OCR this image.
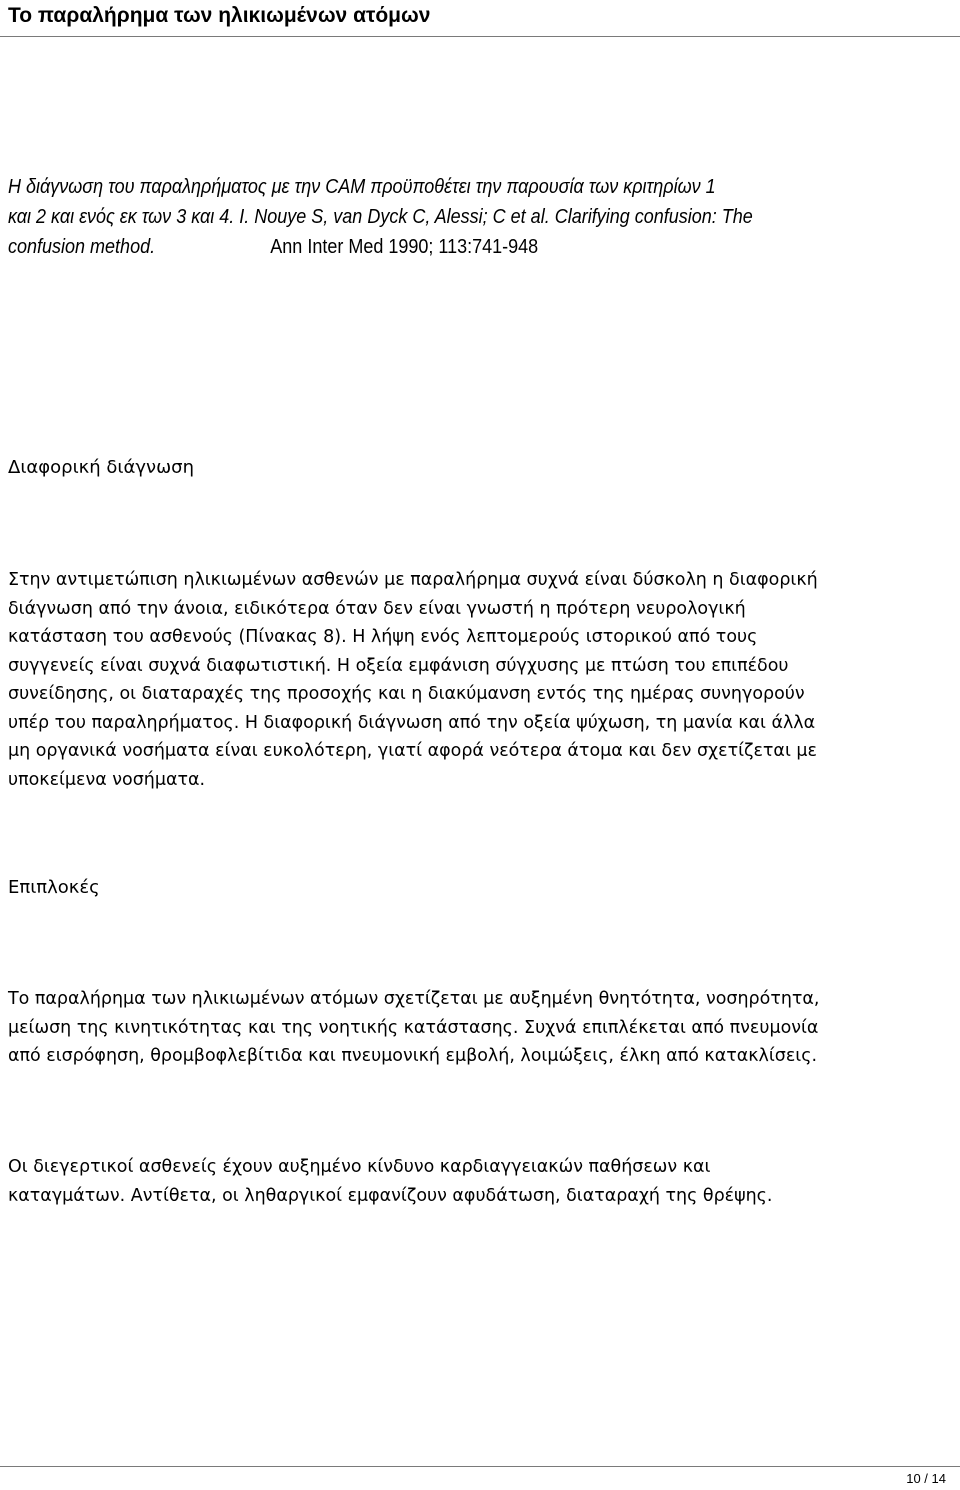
Το παραλήρημα των ηλικιωμένων ατόμων

Η διάγνωση του παραληρήματος με την CAM προϋποθέτει την παρουσία των κριτηρίων 1
και 2 και ενός εκ των 3 και 4. I. Nouye S, van Dyck C, Alessi; C et al. Clarifying confusion: The
confusion method.	Ann Inter Med 1990; 113:741-948

Διαφορική διάγνωση

Στην αντιμετώπιση ηλικιωμένων ασθενών με παραλήρημα συχνά είναι δύσκολη η διαφορική
διάγνωση από την άνοια, ειδικότερα όταν δεν είναι γνωστή η πρότερη νευρολογική
κατάσταση του ασθενούς (Πίνακας 8). Η λήψη ενός λεπτομερούς ιστορικού από τους
συγγενείς είναι συχνά διαφωτιστική. Η οξεία εμφάνιση σύγχυσης με πτώση του επιπέδου
συνείδησης, οι διαταραχές της προσοχής και η διακύμανση εντός της ημέρας συνηγορούν
υπέρ του παραληρήματος. Η διαφορική διάγνωση από την οξεία ψύχωση, τη μανία και άλλα
μη οργανικά νοσήματα είναι ευκολότερη, γιατί αφορά νεότερα άτομα και δεν σχετίζεται με
υποκείμενα νοσήματα.

Επιπλοκές

Το παραλήρημα των ηλικιωμένων ατόμων σχετίζεται με αυξημένη θνητότητα, νοσηρότητα,
μείωση της κινητικότητας και της νοητικής κατάστασης. Συχνά επιπλέκεται από πνευμονία
από εισρόφηση, θρομβοφλεβίτιδα και πνευμονική εμβολή, λοιμώξεις, έλκη από κατακλίσεις.

Οι διεγερτικοί ασθενείς έχουν αυξημένο κίνδυνο καρδιαγγειακών παθήσεων και
καταγμάτων. Αντίθετα, οι ληθαργικοί εμφανίζουν αφυδάτωση, διαταραχή της θρέψης.

10 / 14
